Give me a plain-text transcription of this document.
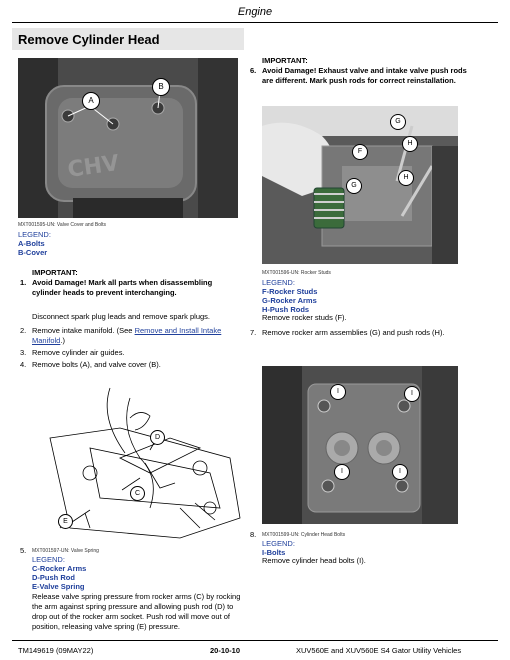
Engine
Remove Cylinder Head
CHV
A
B
MXT001595-UN: Valve Cover and Bolts
LEGEND:
A-Bolts
B-Cover
IMPORTANT:
1. Avoid Damage! Mark all parts when disassembling
cylinder heads to prevent interchanging.
Disconnect spark plug leads and remove spark plugs.
2. Remove intake manifold. (See Remove and Install Intake
Manifold.)
3. Remove cylinder air guides.
4. Remove bolts (A), and valve cover (B).
D
C
E
5. MXT001597-UN: Valve Spring
LEGEND:
C-Rocker Arms
D-Push Rod
E-Valve Spring
Release valve spring pressure from rocker arms (C) by rocking
the arm against spring pressure and allowing push rod (D) to
drop out of the rocker arm socket. Push rod will move out of
position, releasing valve spring (E) pressure.
IMPORTANT:
6. Avoid Damage! Exhaust valve and intake valve push rods
are different. Mark push rods for correct reinstallation.
G
F
H
G
H
MXT001596-UN: Rocker Studs
LEGEND:
F-Rocker Studs
G-Rocker Arms
H-Push Rods
Remove rocker studs (F).
7. Remove rocker arm assemblies (G) and push rods (H).
I	I
I	I
8. MXT001599-UN: Cylinder Head Bolts
LEGEND:
I-Bolts
Remove cylinder head bolts (I).
TM149619 (09MAY22)	20-10-10	XUV560E and XUV560E S4 Gator Utility Vehicles
